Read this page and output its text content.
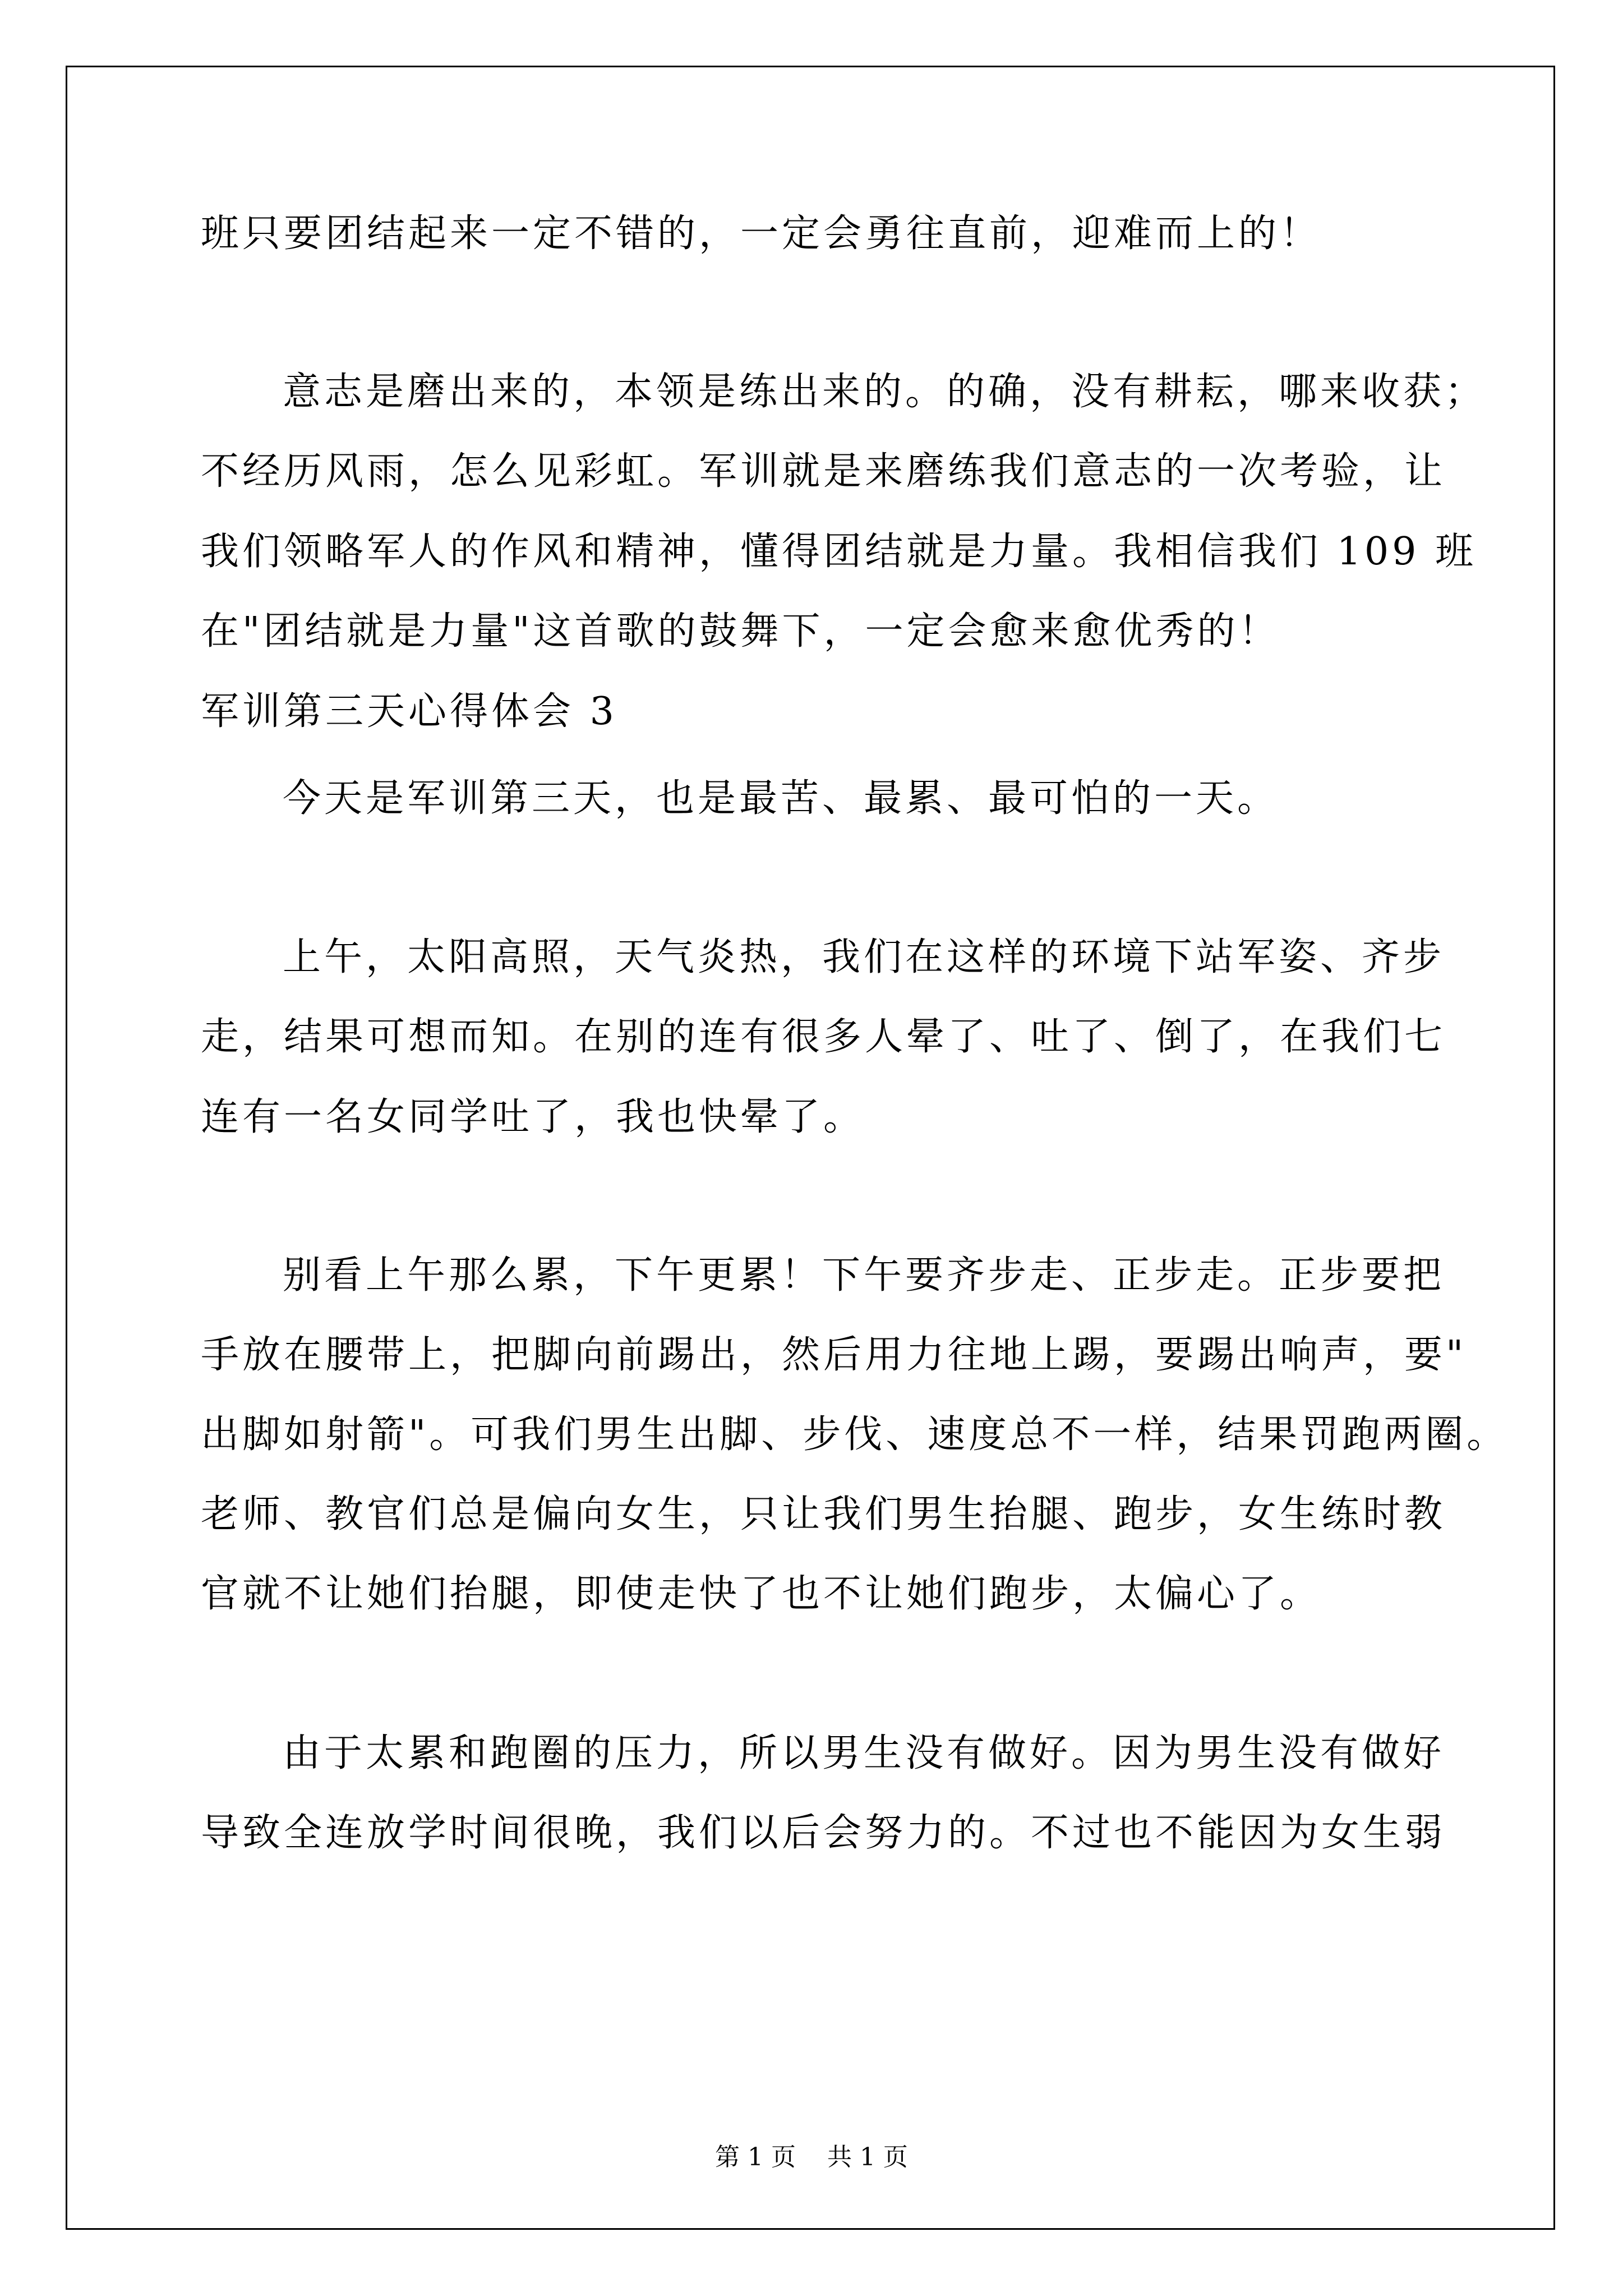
班只要团结起来一定不错的，一定会勇往直前，迎难而上的！
意志是磨出来的，本领是练出来的。的确，没有耕耘，哪来收获；
不经历风雨，怎么见彩虹。军训就是来磨练我们意志的一次考验，让
我们领略军人的作风和精神，懂得团结就是力量。我相信我们 109 班
在"团结就是力量"这首歌的鼓舞下，一定会愈来愈优秀的！
军训第三天心得体会 3
今天是军训第三天，也是最苦、最累、最可怕的一天。
上午，太阳高照，天气炎热，我们在这样的环境下站军姿、齐步
走，结果可想而知。在别的连有很多人晕了、吐了、倒了，在我们七
连有一名女同学吐了，我也快晕了。
别看上午那么累，下午更累！下午要齐步走、正步走。正步要把
手放在腰带上，把脚向前踢出，然后用力往地上踢，要踢出响声，要"
出脚如射箭"。可我们男生出脚、步伐、速度总不一样，结果罚跑两圈。
老师、教官们总是偏向女生，只让我们男生抬腿、跑步，女生练时教
官就不让她们抬腿，即使走快了也不让她们跑步，太偏心了。
由于太累和跑圈的压力，所以男生没有做好。因为男生没有做好
导致全连放学时间很晚，我们以后会努力的。不过也不能因为女生弱
第 1 页    共 1 页
